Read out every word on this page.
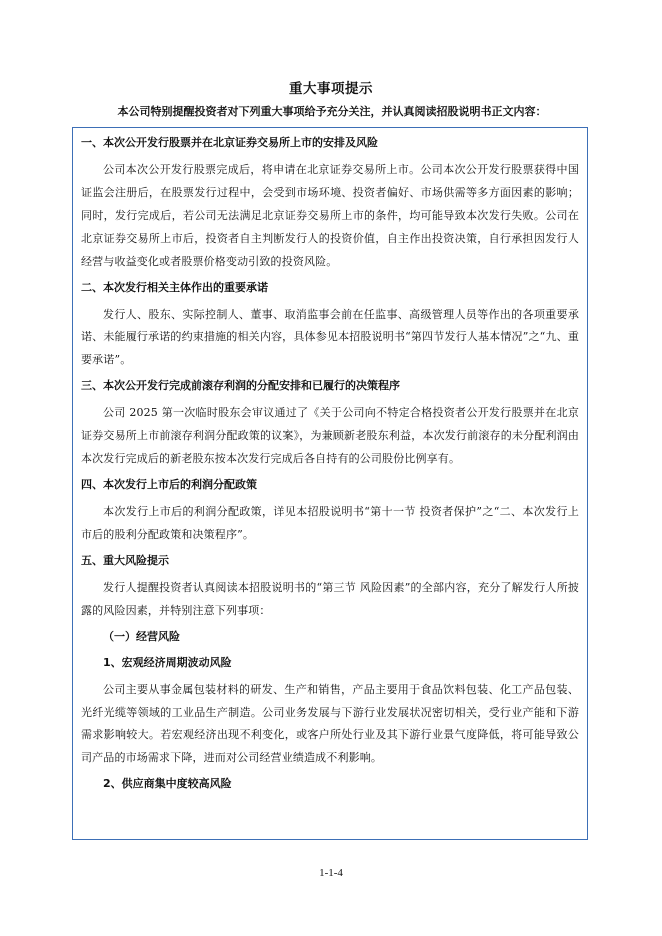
重大事项提示
本公司特别提醒投资者对下列重大事项给予充分关注，并认真阅读招股说明书正文内容：
一、本次公开发行股票并在北京证券交易所上市的安排及风险
公司本次公开发行股票完成后，将申请在北京证券交易所上市。公司本次公开发行股票获得中国证监会注册后，在股票发行过程中，会受到市场环境、投资者偏好、市场供需等多方面因素的影响；同时，发行完成后，若公司无法满足北京证券交易所上市的条件，均可能导致本次发行失败。公司在北京证券交易所上市后，投资者自主判断发行人的投资价值，自主作出投资决策，自行承担因发行人经营与收益变化或者股票价格变动引致的投资风险。
二、本次发行相关主体作出的重要承诺
发行人、股东、实际控制人、董事、取消监事会前在任监事、高级管理人员等作出的各项重要承诺、未能履行承诺的约束措施的相关内容，具体参见本招股说明书“第四节发行人基本情况”之“九、重要承诺”。
三、本次公开发行完成前滚存利润的分配安排和已履行的决策程序
公司 2025 第一次临时股东会审议通过了《关于公司向不特定合格投资者公开发行股票并在北京证券交易所上市前滚存利润分配政策的议案》，为兼顾新老股东利益，本次发行前滚存的未分配利润由本次发行完成后的新老股东按本次发行完成后各自持有的公司股份比例享有。
四、本次发行上市后的利润分配政策
本次发行上市后的利润分配政策，详见本招股说明书“第十一节 投资者保护”之“二、本次发行上市后的股利分配政策和决策程序”。
五、重大风险提示
发行人提醒投资者认真阅读本招股说明书的“第三节 风险因素”的全部内容，充分了解发行人所披露的风险因素，并特别注意下列事项：
（一）经营风险
1、宏观经济周期波动风险
公司主要从事金属包装材料的研发、生产和销售，产品主要用于食品饮料包装、化工产品包装、光纤光缆等领域的工业品生产制造。公司业务发展与下游行业发展状况密切相关，受行业产能和下游需求影响较大。若宏观经济出现不利变化，或客户所处行业及其下游行业景气度降低，将可能导致公司产品的市场需求下降，进而对公司经营业绩造成不利影响。
2、供应商集中度较高风险
1-1-4
